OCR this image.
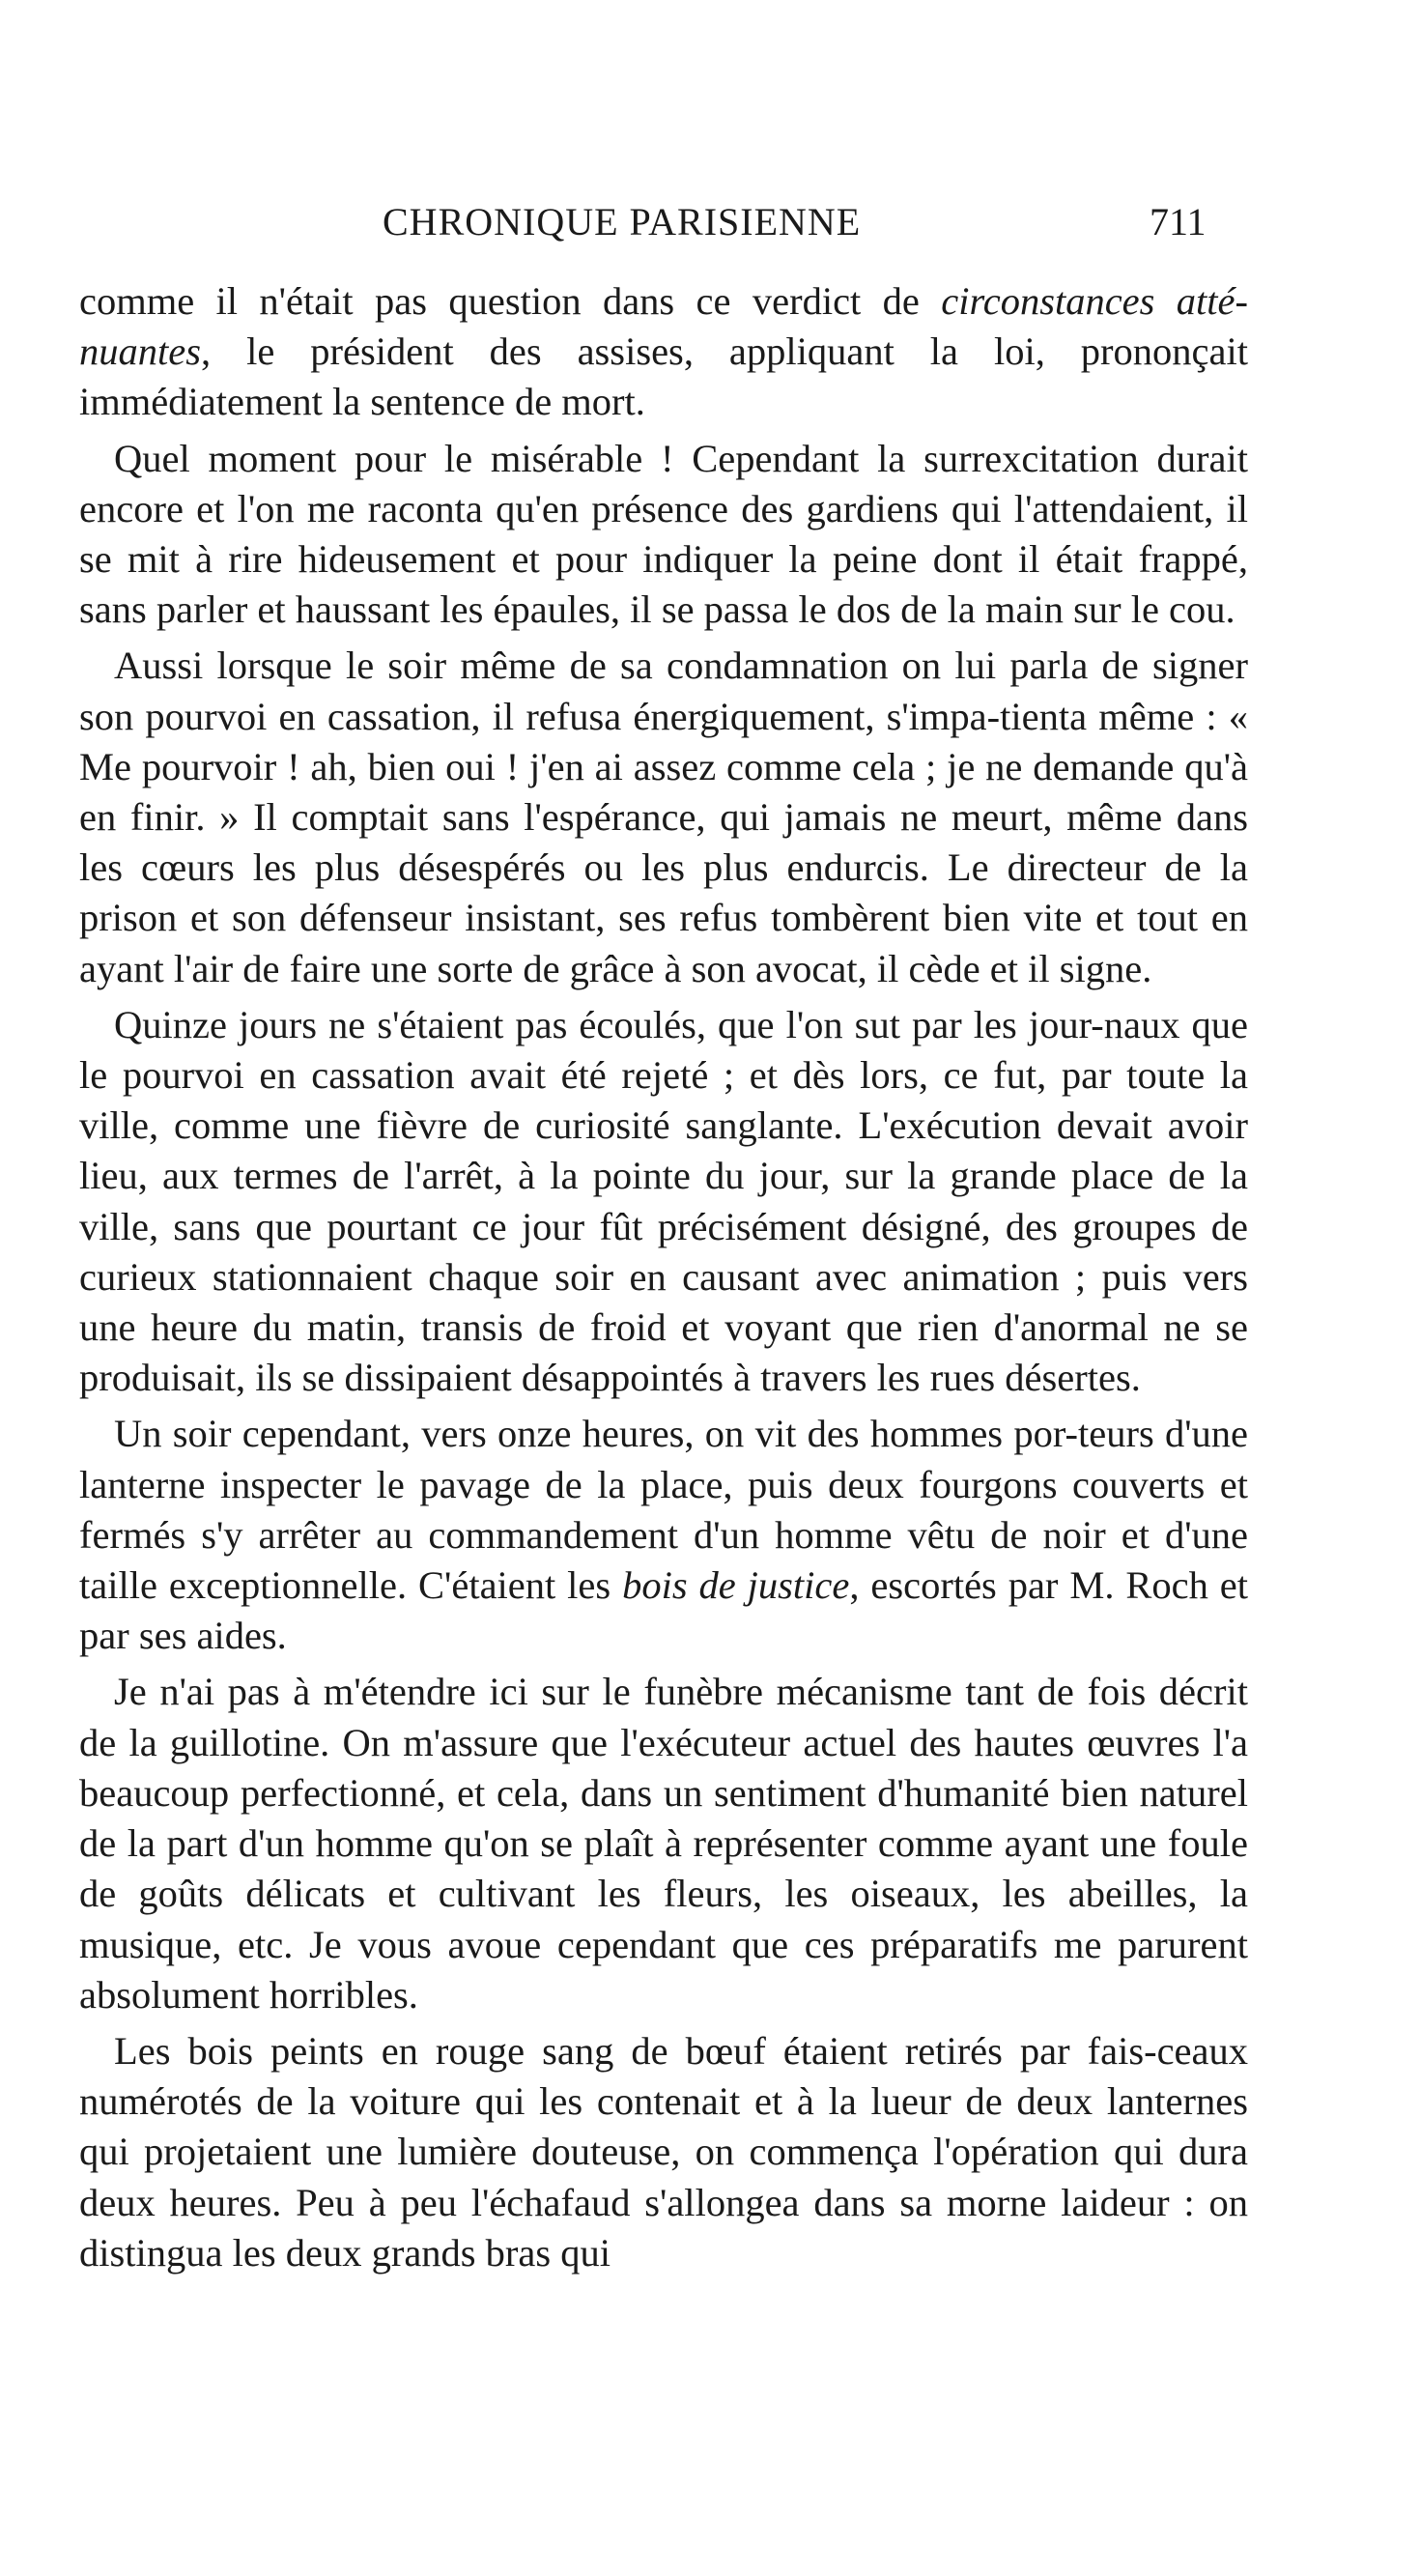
CHRONIQUE PARISIENNE	711

comme il n'était pas question dans ce verdict de circonstances atté-nuantes, le président des assises, appliquant la loi, prononçait immédiatement la sentence de mort.

Quel moment pour le misérable ! Cependant la surrexcitation durait encore et l'on me raconta qu'en présence des gardiens qui l'attendaient, il se mit à rire hideusement et pour indiquer la peine dont il était frappé, sans parler et haussant les épaules, il se passa le dos de la main sur le cou.

Aussi lorsque le soir même de sa condamnation on lui parla de signer son pourvoi en cassation, il refusa énergiquement, s'impa-tienta même : « Me pourvoir ! ah, bien oui ! j'en ai assez comme cela ; je ne demande qu'à en finir. » Il comptait sans l'espérance, qui jamais ne meurt, même dans les cœurs les plus désespérés ou les plus endurcis. Le directeur de la prison et son défenseur insistant, ses refus tombèrent bien vite et tout en ayant l'air de faire une sorte de grâce à son avocat, il cède et il signe.

Quinze jours ne s'étaient pas écoulés, que l'on sut par les jour-naux que le pourvoi en cassation avait été rejeté ; et dès lors, ce fut, par toute la ville, comme une fièvre de curiosité sanglante. L'exécution devait avoir lieu, aux termes de l'arrêt, à la pointe du jour, sur la grande place de la ville, sans que pourtant ce jour fût précisément désigné, des groupes de curieux stationnaient chaque soir en causant avec animation ; puis vers une heure du matin, transis de froid et voyant que rien d'anormal ne se produisait, ils se dissipaient désappointés à travers les rues désertes.

Un soir cependant, vers onze heures, on vit des hommes por-teurs d'une lanterne inspecter le pavage de la place, puis deux fourgons couverts et fermés s'y arrêter au commandement d'un homme vêtu de noir et d'une taille exceptionnelle. C'étaient les bois de justice, escortés par M. Roch et par ses aides.

Je n'ai pas à m'étendre ici sur le funèbre mécanisme tant de fois décrit de la guillotine. On m'assure que l'exécuteur actuel des hautes œuvres l'a beaucoup perfectionné, et cela, dans un sentiment d'humanité bien naturel de la part d'un homme qu'on se plaît à représenter comme ayant une foule de goûts délicats et cultivant les fleurs, les oiseaux, les abeilles, la musique, etc. Je vous avoue cependant que ces préparatifs me parurent absolument horribles.

Les bois peints en rouge sang de bœuf étaient retirés par fais-ceaux numérotés de la voiture qui les contenait et à la lueur de deux lanternes qui projetaient une lumière douteuse, on commença l'opération qui dura deux heures. Peu à peu l'échafaud s'allongea dans sa morne laideur : on distingua les deux grands bras qui
